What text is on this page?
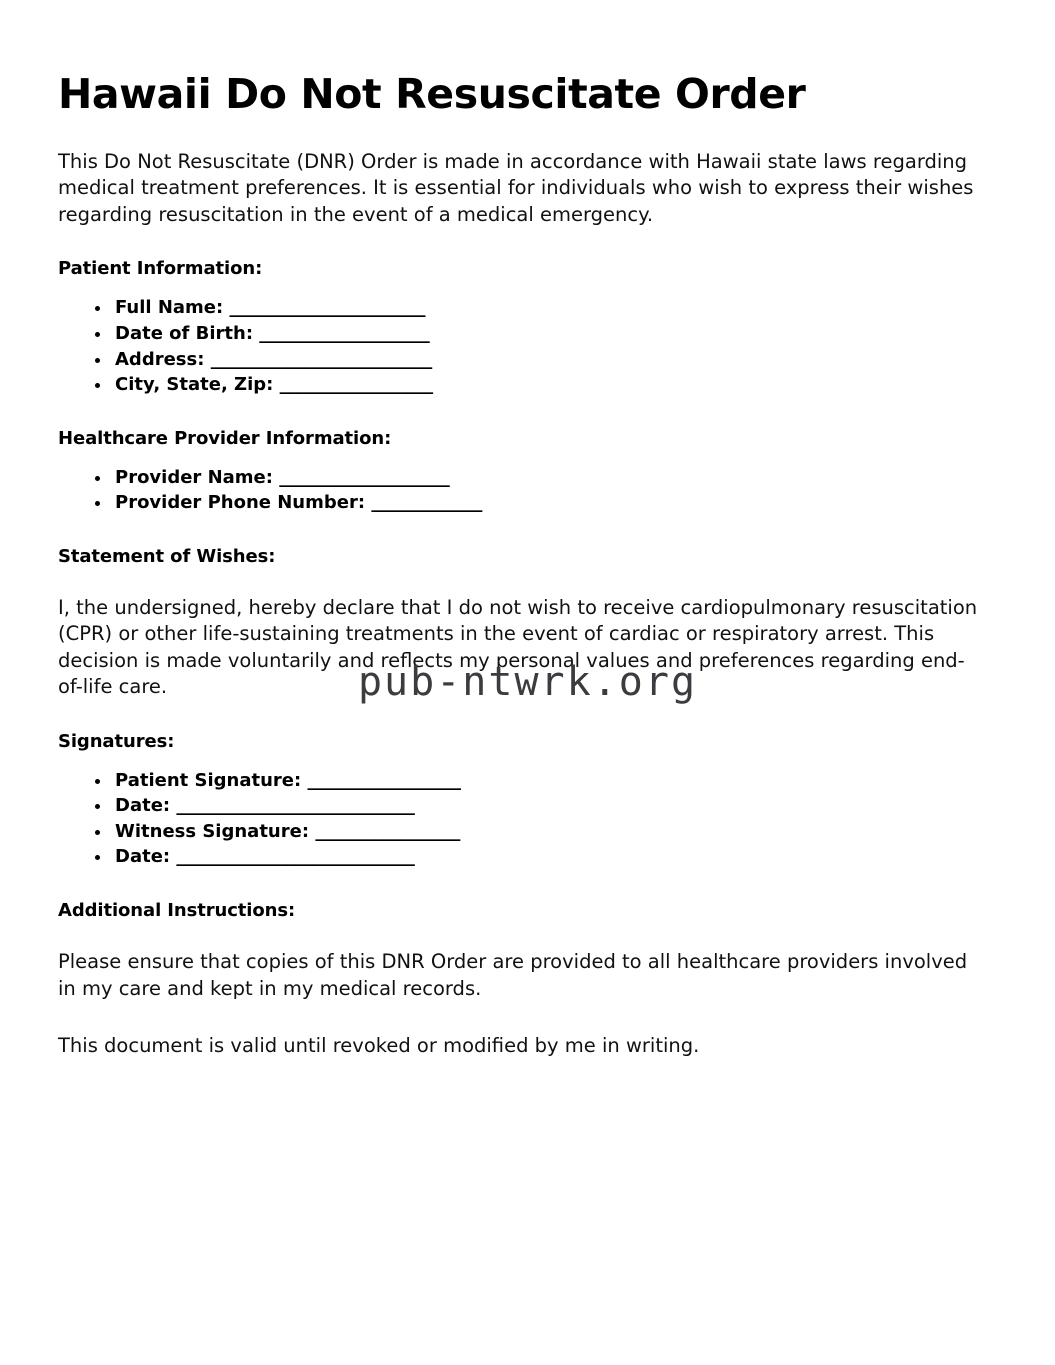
Hawaii Do Not Resuscitate Order

This Do Not Resuscitate (DNR) Order is made in accordance with Hawaii state laws regarding medical treatment preferences. It is essential for individuals who wish to express their wishes regarding resuscitation in the event of a medical emergency.

Patient Information:
Full Name: _______________________
Date of Birth: ____________________
Address: __________________________
City, State, Zip: __________________
Healthcare Provider Information:
Provider Name: ____________________
Provider Phone Number: _____________
Statement of Wishes:

I, the undersigned, hereby declare that I do not wish to receive cardiopulmonary resuscitation (CPR) or other life-sustaining treatments in the event of cardiac or respiratory arrest. This decision is made voluntarily and reflects my personal values and preferences regarding end-of-life care.

Signatures:
Patient Signature: __________________
Date: ____________________________
Witness Signature: _________________
Date: ____________________________
Additional Instructions:

Please ensure that copies of this DNR Order are provided to all healthcare providers involved in my care and kept in my medical records.

This document is valid until revoked or modified by me in writing.

pub-ntwrk.org
